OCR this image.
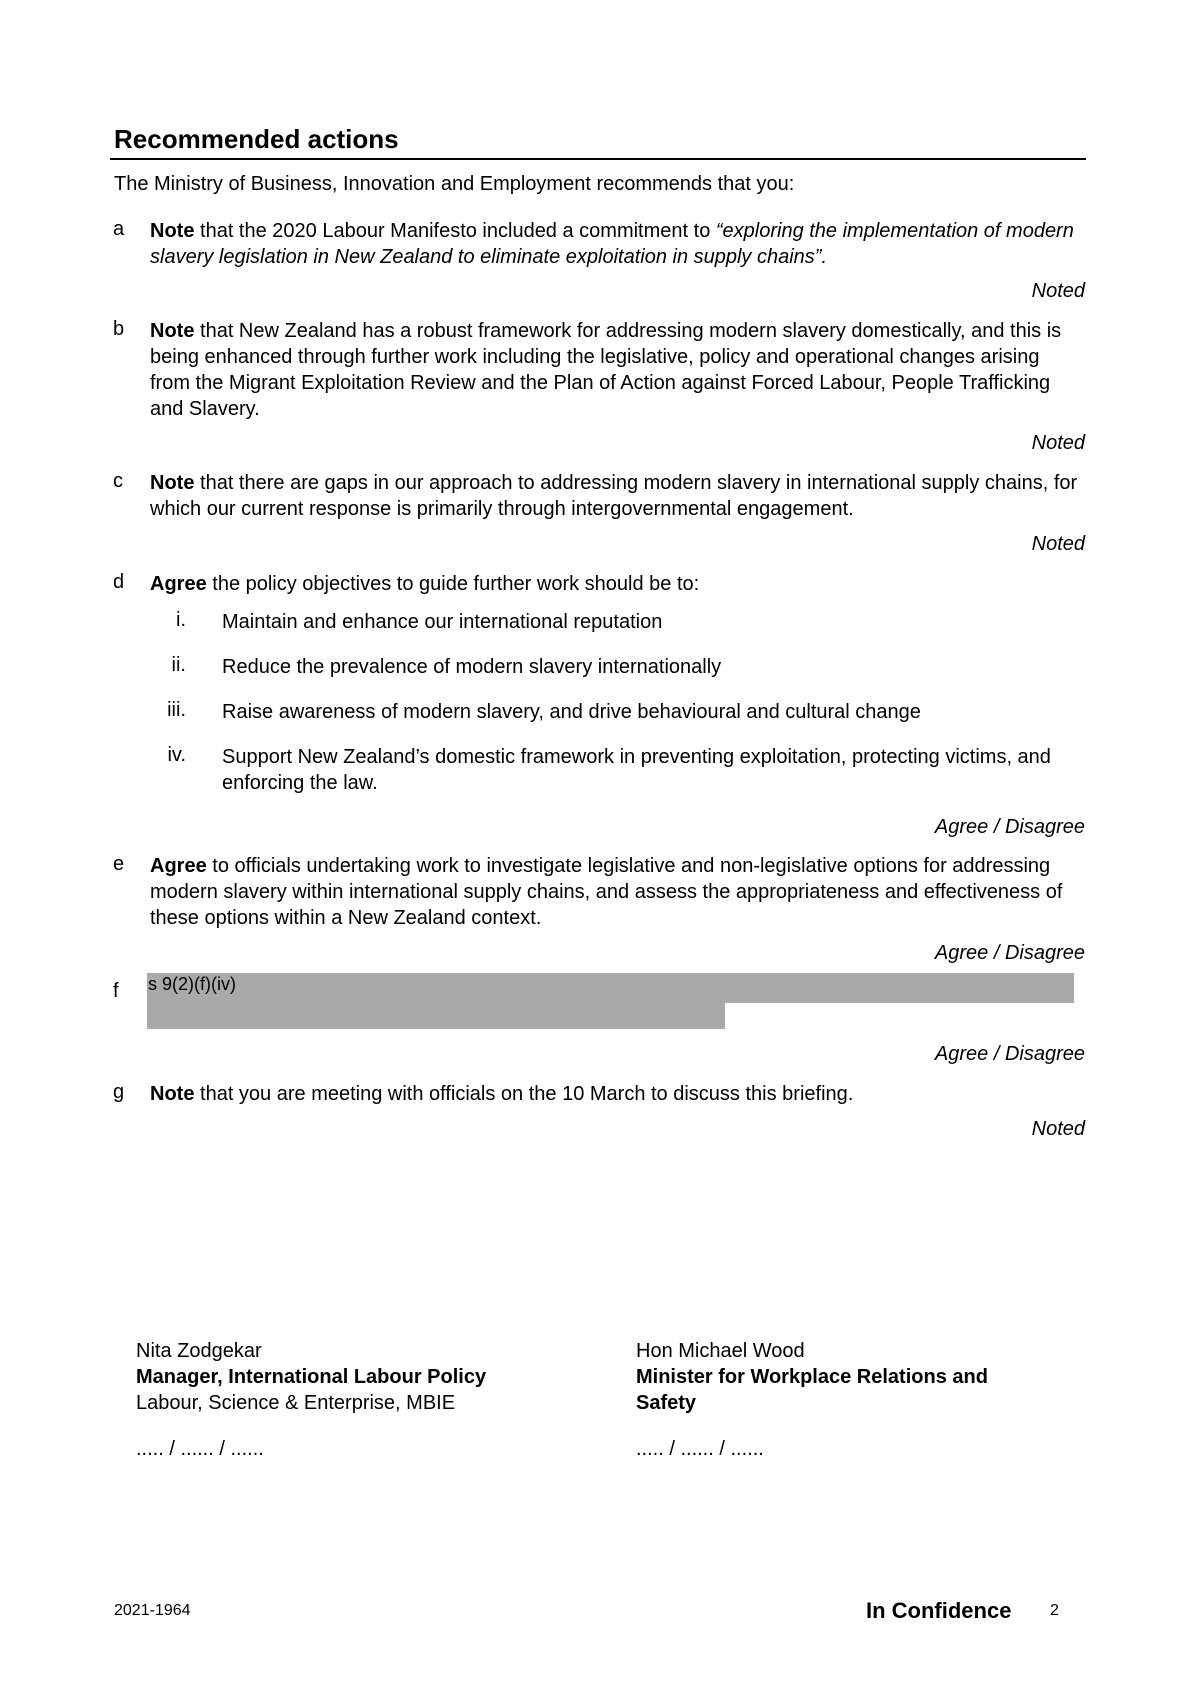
Recommended actions
The Ministry of Business, Innovation and Employment recommends that you:
a Note that the 2020 Labour Manifesto included a commitment to “exploring the implementation of modern slavery legislation in New Zealand to eliminate exploitation in supply chains”.
Noted
b Note that New Zealand has a robust framework for addressing modern slavery domestically, and this is being enhanced through further work including the legislative, policy and operational changes arising from the Migrant Exploitation Review and the Plan of Action against Forced Labour, People Trafficking and Slavery.
Noted
c Note that there are gaps in our approach to addressing modern slavery in international supply chains, for which our current response is primarily through intergovernmental engagement.
Noted
d Agree the policy objectives to guide further work should be to:
i. Maintain and enhance our international reputation
ii. Reduce the prevalence of modern slavery internationally
iii. Raise awareness of modern slavery, and drive behavioural and cultural change
iv. Support New Zealand’s domestic framework in preventing exploitation, protecting victims, and enforcing the law.
Agree / Disagree
e Agree to officials undertaking work to investigate legislative and non-legislative options for addressing modern slavery within international supply chains, and assess the appropriateness and effectiveness of these options within a New Zealand context.
Agree / Disagree
f s 9(2)(f)(iv)
Agree / Disagree
g Note that you are meeting with officials on the 10 March to discuss this briefing.
Noted
Nita Zodgekar
Manager, International Labour Policy
Labour, Science & Enterprise, MBIE
..... / ...... / ......
Hon Michael Wood
Minister for Workplace Relations and
Safety
..... / ...... / ......
2021-1964	In Confidence 2
